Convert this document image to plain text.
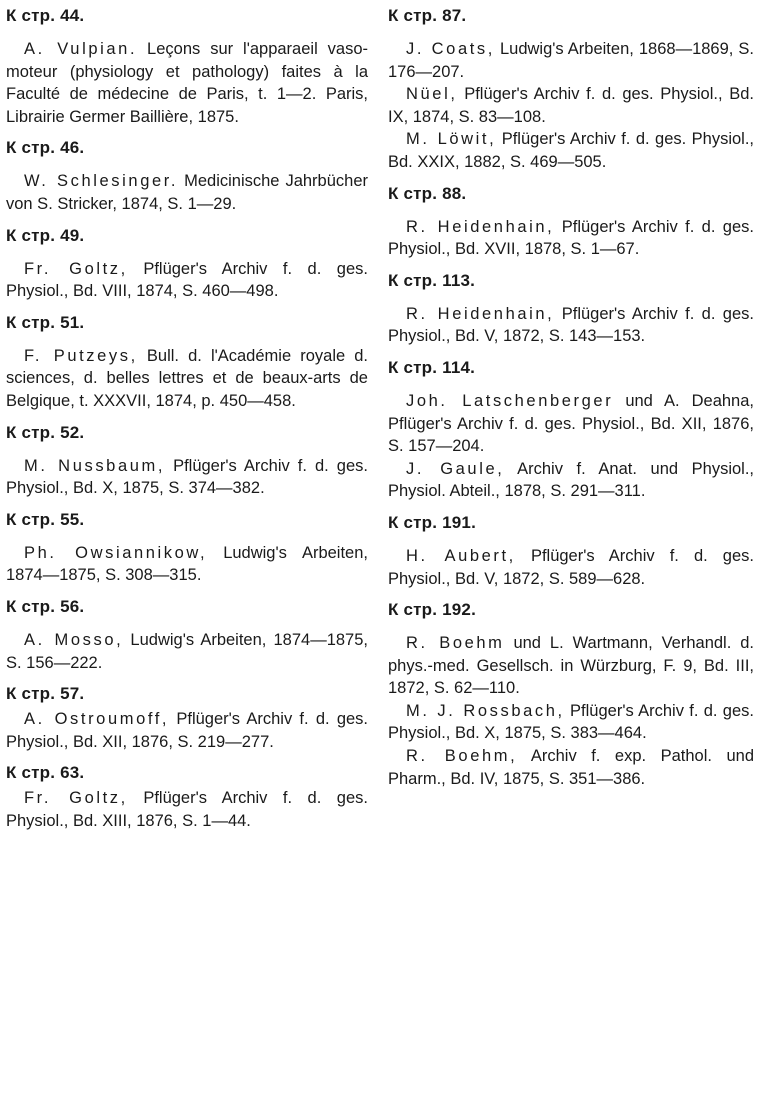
К стр. 44.

A. Vulpian. Leçons sur l'apparaeil vaso-moteur (physiology et pathology) faites à la Faculté de médecine de Paris, t. 1—2. Paris, Librairie Germer Baillière, 1875.

К стр. 46.

W. Schlesinger. Medicinische Jahrbücher von S. Stricker, 1874, S. 1—29.

К стр. 49.

Fr. Goltz, Pflüger's Archiv f. d. ges. Physiol., Bd. VIII, 1874, S. 460—498.

К стр. 51.

F. Putzeys, Bull. d. l'Académie royale d. sciences, d. belles lettres et de beaux-arts de Belgique, t. XXXVII, 1874, p. 450—458.

К стр. 52.

M. Nussbaum, Pflüger's Archiv f. d. ges. Physiol., Bd. X, 1875, S. 374—382.

К стр. 55.

Ph. Owsiannikow, Ludwig's Arbeiten, 1874—1875, S. 308—315.

К стр. 56.

A. Mosso, Ludwig's Arbeiten, 1874—1875, S. 156—222.

К стр. 57.

A. Ostroumoff, Pflüger's Archiv f. d. ges. Physiol., Bd. XII, 1876, S. 219—277.

К стр. 63.

Fr. Goltz, Pflüger's Archiv f. d. ges. Physiol., Bd. XIII, 1876, S. 1—44.

К стр. 87.

J. Coats, Ludwig's Arbeiten, 1868—1869, S. 176—207.

Nüel, Pflüger's Archiv f. d. ges. Physiol., Bd. IX, 1874, S. 83—108.

M. Löwit, Pflüger's Archiv f. d. ges. Physiol., Bd. XXIX, 1882, S. 469—505.

К стр. 88.

R. Heidenhain, Pflüger's Archiv f. d. ges. Physiol., Bd. XVII, 1878, S. 1—67.

К стр. 113.

R. Heidenhain, Pflüger's Archiv f. d. ges. Physiol., Bd. V, 1872, S. 143—153.

К стр. 114.

Joh. Latschenberger und A. Deahna, Pflüger's Archiv f. d. ges. Physiol., Bd. XII, 1876, S. 157—204.

J. Gaule, Archiv f. Anat. und Physiol., Physiol. Abteil., 1878, S. 291—311.

К стр. 191.

H. Aubert, Pflüger's Archiv f. d. ges. Physiol., Bd. V, 1872, S. 589—628.

К стр. 192.

R. Boehm und L. Wartmann, Verhandl. d. phys.-med. Gesellsch. in Würzburg, F. 9, Bd. III, 1872, S. 62—110.

M. J. Rossbach, Pflüger's Archiv f. d. ges. Physiol., Bd. X, 1875, S. 383—464.

R. Boehm, Archiv f. exp. Pathol. und Pharm., Bd. IV, 1875, S. 351—386.
